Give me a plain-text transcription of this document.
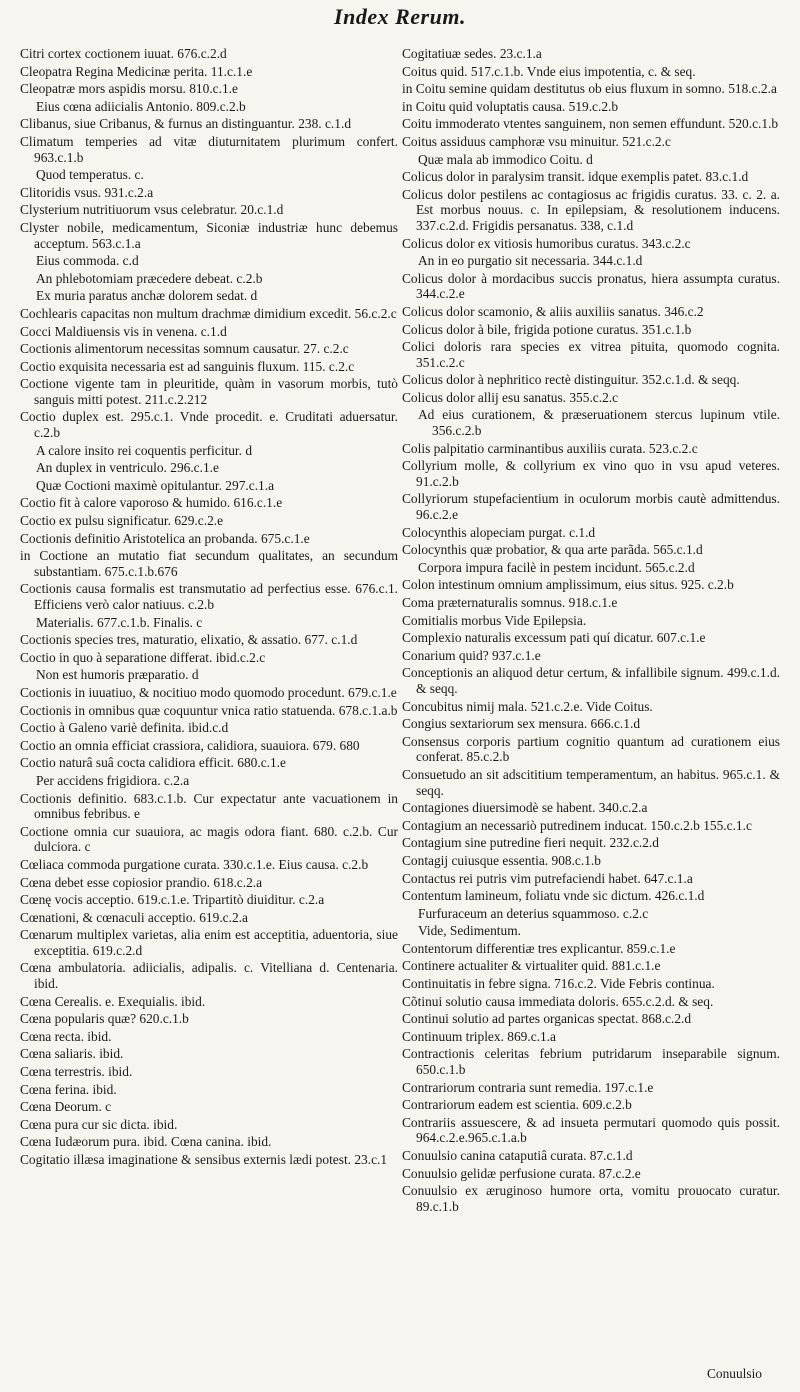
Index Rerum.

Citri cortex coctionem iuuat. 676.c.2.d

Cleopatra Regina Medicinæ perita. 11.c.1.e

Cleopatræ mors aspidis morsu. 810.c.1.e

Eius cœna adiicialis Antonio. 809.c.2.b

Clibanus, siue Cribanus, & furnus an distinguantur. 238. c.1.d

Climatum temperies ad vitæ diuturnitatem plurimum confert. 963.c.1.b

Quod temperatus. c.

Clitoridis vsus. 931.c.2.a

Clysterium nutritiuorum vsus celebratur. 20.c.1.d

Clyster nobile, medicamentum, Siconiæ industriæ hunc debemus acceptum. 563.c.1.a

Eius commoda. c.d

An phlebotomiam præcedere debeat. c.2.b

Ex muria paratus anchæ dolorem sedat. d

Cochlearis capacitas non multum drachmæ dimidium excedit. 56.c.2.c

Cocci Maldiuensis vis in venena. c.1.d

Coctionis alimentorum necessitas somnum causatur. 27. c.2.c

Coctio exquisita necessaria est ad sanguinis fluxum. 115. c.2.c

Coctione vigente tam in pleuritide, quàm in vasorum morbis, tutò sanguis mitti potest. 211.c.2.212

Coctio duplex est. 295.c.1. Vnde procedit. e. Cruditati aduersatur. c.2.b

A calore insito rei coquentis perficitur. d

An duplex in ventriculo. 296.c.1.e

Quæ Coctioni maximè opitulantur. 297.c.1.a

Coctio fit à calore vaporoso & humido. 616.c.1.e

Coctio ex pulsu significatur. 629.c.2.e

Coctionis definitio Aristotelica an probanda. 675.c.1.e

in Coctione an mutatio fiat secundum qualitates, an secundum substantiam. 675.c.1.b.676

Coctionis causa formalis est transmutatio ad perfectius esse. 676.c.1. Efficiens verò calor natiuus. c.2.b

Materialis. 677.c.1.b. Finalis. c

Coctionis species tres, maturatio, elixatio, & assatio. 677. c.1.d

Coctio in quo à separatione differat. ibid.c.2.c

Non est humoris præparatio. d

Coctionis in iuuatiuo, & nocitiuo modo quomodo procedunt. 679.c.1.e

Coctionis in omnibus quæ coquuntur vnica ratio statuenda. 678.c.1.a.b

Coctio à Galeno variè definita. ibid.c.d

Coctio an omnia efficiat crassiora, calidiora, suauiora. 679. 680

Coctio naturâ suâ cocta calidiora efficit. 680.c.1.e

Per accidens frigidiora. c.2.a

Coctionis definitio. 683.c.1.b. Cur expectatur ante vacuationem in omnibus febribus. e

Coctione omnia cur suauiora, ac magis odora fiant. 680. c.2.b. Cur dulciora. c

Cœliaca commoda purgatione curata. 330.c.1.e. Eius causa. c.2.b

Cœna debet esse copiosior prandio. 618.c.2.a

Cœnę vocis acceptio. 619.c.1.e. Tripartitò diuiditur. c.2.a

Cœnationi, & cœnaculi acceptio. 619.c.2.a

Cœnarum multiplex varietas, alia enim est acceptitia, aduentoria, siue exceptitia. 619.c.2.d

Cœna ambulatoria. adiicialis, adipalis. c. Vitelliana d. Centenaria. ibid.

Cœna Cerealis. e. Exequialis. ibid.

Cœna popularis quæ? 620.c.1.b

Cœna recta. ibid.

Cœna saliaris. ibid.

Cœna terrestris. ibid.

Cœna ferina. ibid.

Cœna Deorum. c

Cœna pura cur sic dicta. ibid.

Cœna Iudæorum pura. ibid. Cœna canina. ibid.

Cogitatio illæsa imaginatione & sensibus externis lædi potest. 23.c.1

Cogitatiuæ sedes. 23.c.1.a

Coitus quid. 517.c.1.b. Vnde eius impotentia, c. & seq.

in Coitu semine quidam destitutus ob eius fluxum in somno. 518.c.2.a

in Coitu quid voluptatis causa. 519.c.2.b

Coitu immoderato vtentes sanguinem, non semen effundunt. 520.c.1.b

Coitus assiduus camphoræ vsu minuitur. 521.c.2.c

Quæ mala ab immodico Coitu. d

Colicus dolor in paralysim transit. idque exemplis patet. 83.c.1.d

Colicus dolor pestilens ac contagiosus ac frigidis curatus. 33. c. 2. a. Est morbus nouus. c. In epilepsiam, & resolutionem inducens. 337.c.2.d. Frigidis persanatus. 338, c.1.d

Colicus dolor ex vitiosis humoribus curatus. 343.c.2.c

An in eo purgatio sit necessaria. 344.c.1.d

Colicus dolor à mordacibus succis pronatus, hiera assumpta curatus. 344.c.2.e

Colicus dolor scamonio, & aliis auxiliis sanatus. 346.c.2

Colicus dolor à bile, frigida potione curatus. 351.c.1.b

Colici doloris rara species ex vitrea pituita, quomodo cognita. 351.c.2.c

Colicus dolor à nephritico rectè distinguitur. 352.c.1.d. & seqq.

Colicus dolor allij esu sanatus. 355.c.2.c

Ad eius curationem, & præseruationem stercus lupinum vtile. 356.c.2.b

Colis palpitatio carminantibus auxiliis curata. 523.c.2.c

Collyrium molle, & collyrium ex vino quo in vsu apud veteres. 91.c.2.b

Collyriorum stupefacientium in oculorum morbis cautè admittendus. 96.c.2.e

Colocynthis alopeciam purgat. c.1.d

Colocynthis quæ probatior, & qua arte parãda. 565.c.1.d

Corpora impura facilè in pestem incidunt. 565.c.2.d

Colon intestinum omnium amplissimum, eius situs. 925. c.2.b

Coma præternaturalis somnus. 918.c.1.e

Comitialis morbus Vide Epilepsia.

Complexio naturalis excessum pati quí dicatur. 607.c.1.e

Conarium quid? 937.c.1.e

Conceptionis an aliquod detur certum, & infallibile signum. 499.c.1.d. & seqq.

Concubitus nimij mala. 521.c.2.e. Vide Coitus.

Congius sextariorum sex mensura. 666.c.1.d

Consensus corporis partium cognitio quantum ad curationem eius conferat. 85.c.2.b

Consuetudo an sit adscititium temperamentum, an habitus. 965.c.1. & seqq.

Contagiones diuersimodè se habent. 340.c.2.a

Contagium an necessariò putredinem inducat. 150.c.2.b 155.c.1.c

Contagium sine putredine fieri nequit. 232.c.2.d

Contagij cuiusque essentia. 908.c.1.b

Contactus rei putris vim putrefaciendi habet. 647.c.1.a

Contentum lamineum, foliatu vnde sic dictum. 426.c.1.d

Furfuraceum an deterius squammoso. c.2.c

Vide, Sedimentum.

Contentorum differentiæ tres explicantur. 859.c.1.e

Continere actualiter & virtualiter quid. 881.c.1.e

Continuitatis in febre signa. 716.c.2. Vide Febris continua.

Cõtinui solutio causa immediata doloris. 655.c.2.d. & seq.

Continui solutio ad partes organicas spectat. 868.c.2.d

Continuum triplex. 869.c.1.a

Contractionis celeritas febrium putridarum inseparabile signum. 650.c.1.b

Contrariorum contraria sunt remedia. 197.c.1.e

Contrariorum eadem est scientia. 609.c.2.b

Contrariis assuescere, & ad insueta permutari quomodo quis possit. 964.c.2.e.965.c.1.a.b

Conuulsio canina cataputiâ curata. 87.c.1.d

Conuulsio gelidæ perfusione curata. 87.c.2.e

Conuulsio ex æruginoso humore orta, vomitu prouocato curatur. 89.c.1.b

Conuulsio
